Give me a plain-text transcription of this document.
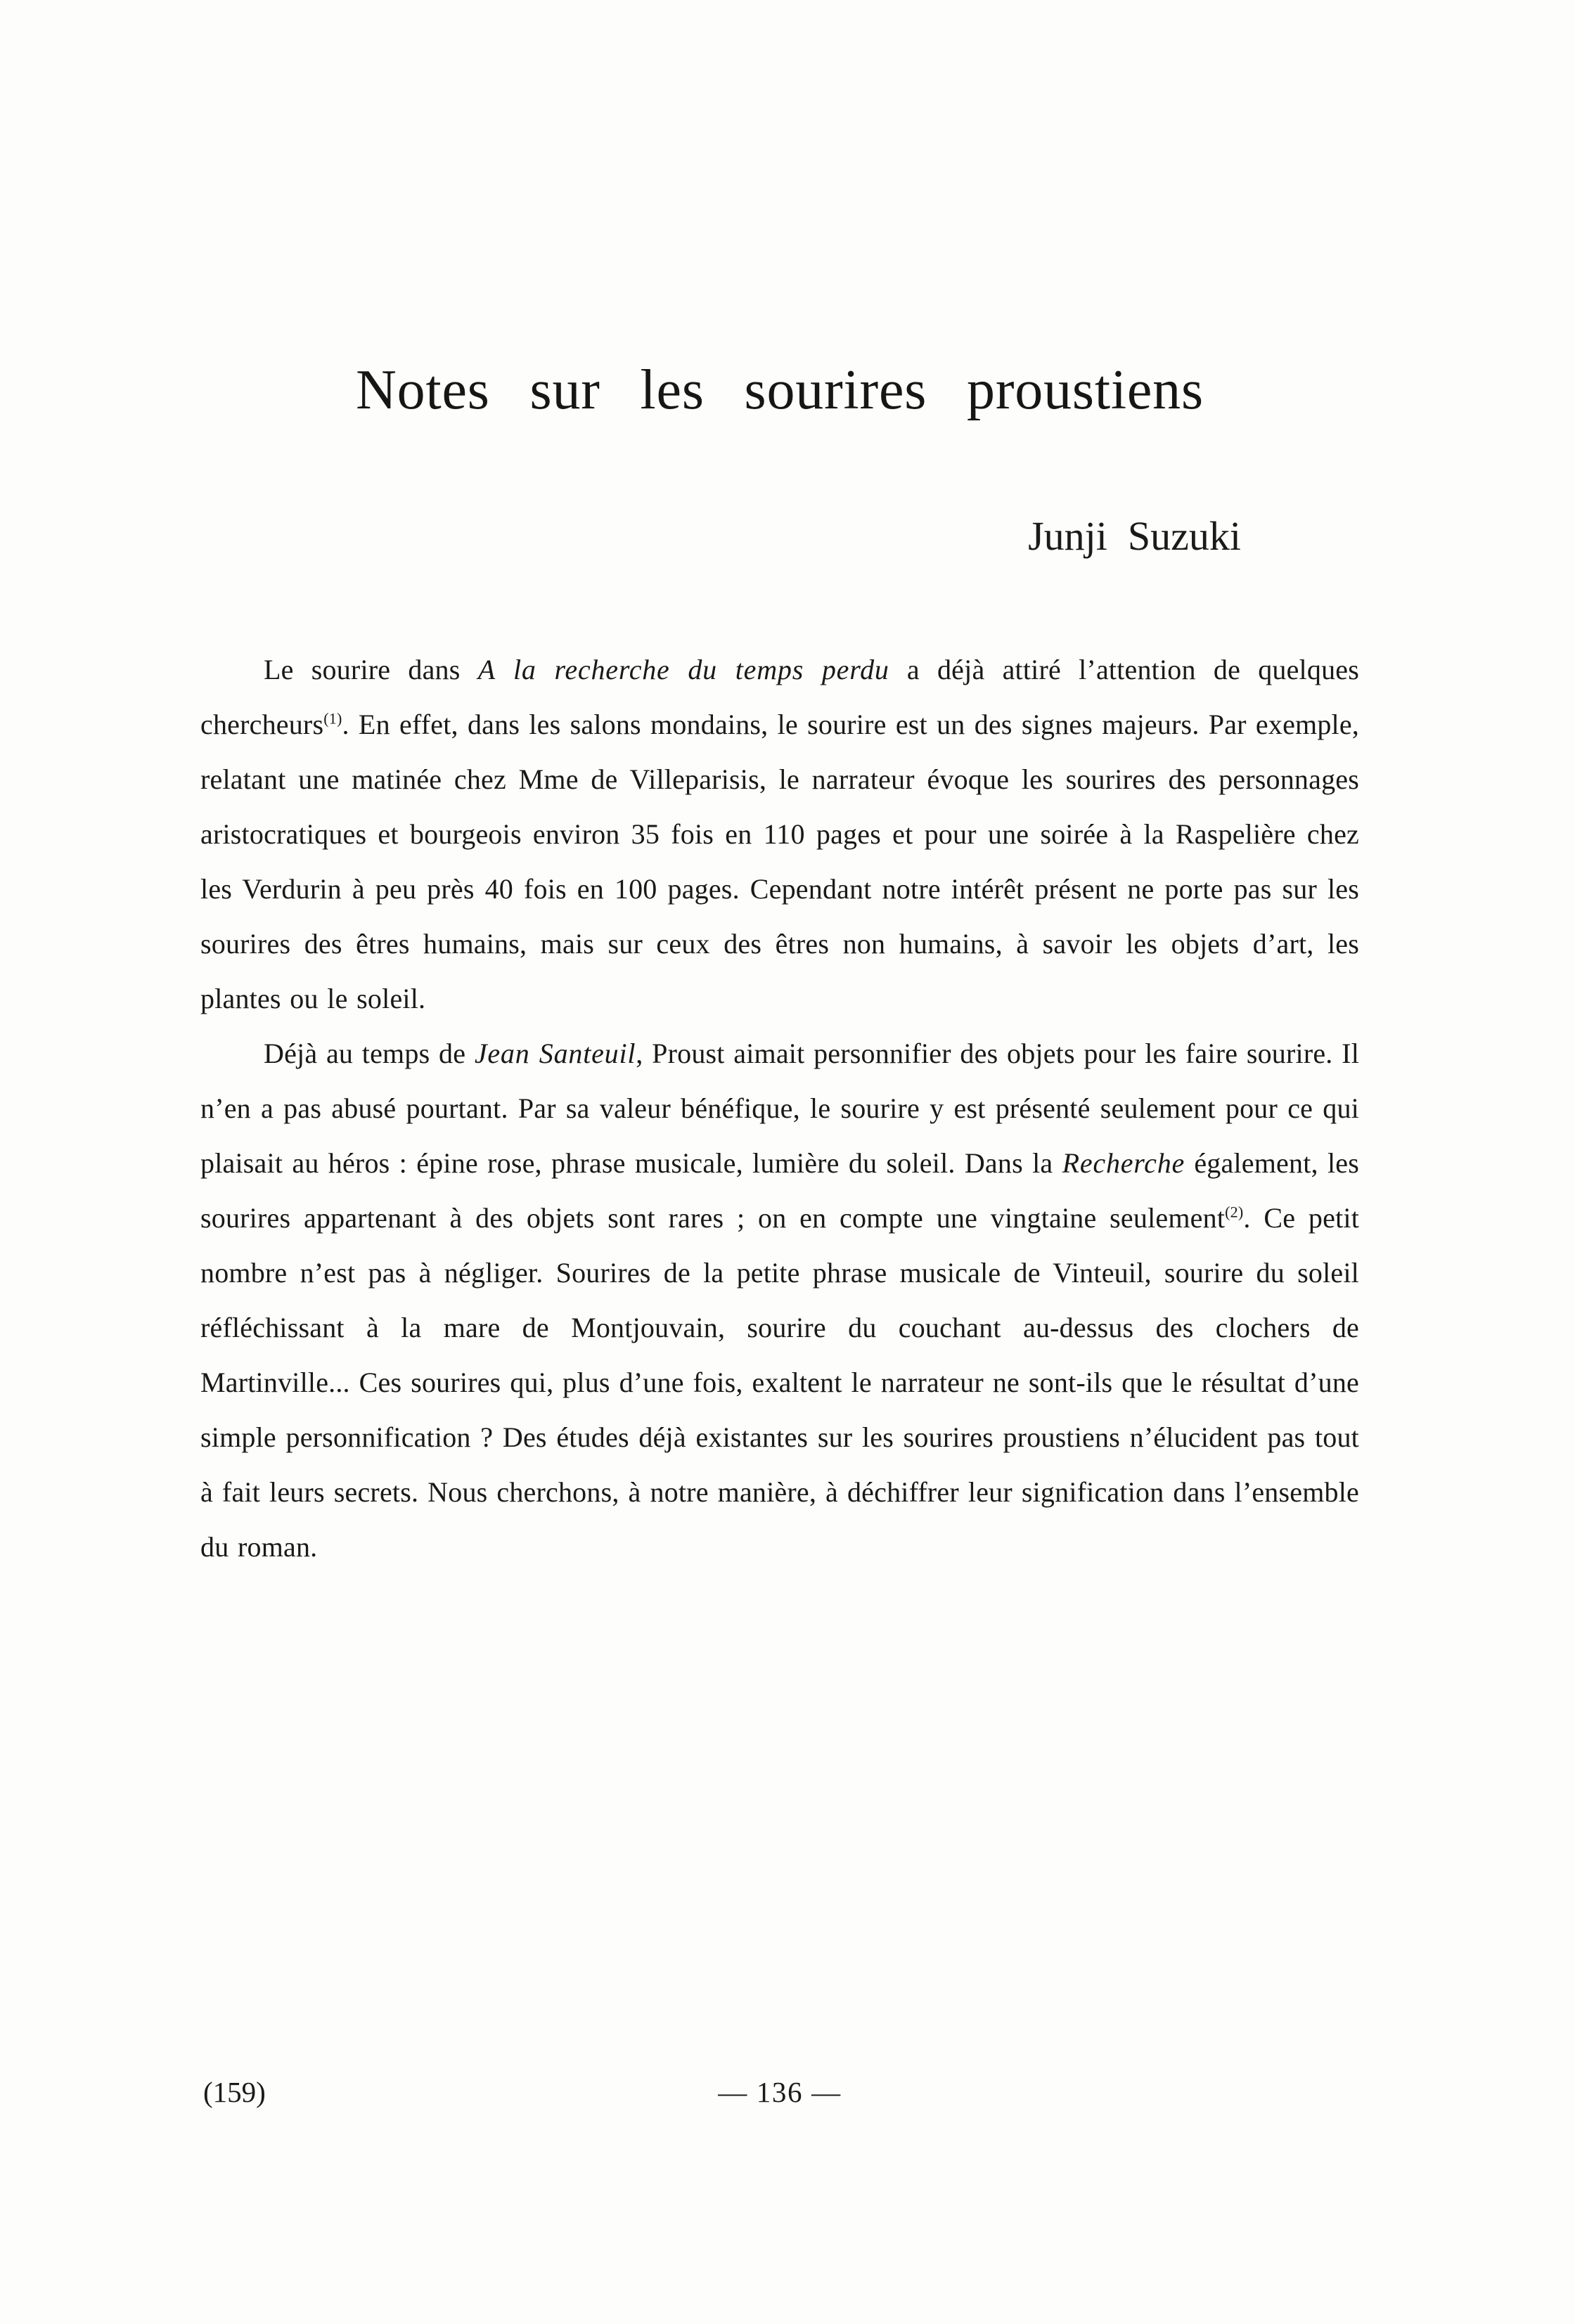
Notes sur les sourires proustiens
Junji Suzuki

Le sourire dans A la recherche du temps perdu a déjà attiré l’attention de quelques chercheurs$^{(1)}$. En effet, dans les salons mondains, le sourire est un des signes majeurs. Par exemple, relatant une matinée chez Mme de Villeparisis, le narrateur évoque les sourires des personnages aristocratiques et bourgeois environ 35 fois en 110 pages et pour une soirée à la Raspelière chez les Verdurin à peu près 40 fois en 100 pages. Cependant notre intérêt présent ne porte pas sur les sourires des êtres humains, mais sur ceux des êtres non humains, à savoir les objets d’art, les plantes ou le soleil.

Déjà au temps de Jean Santeuil, Proust aimait personnifier des objets pour les faire sourire. Il n’en a pas abusé pourtant. Par sa valeur bénéfique, le sourire y est présenté seulement pour ce qui plaisait au héros : épine rose, phrase musicale, lumière du soleil. Dans la Recherche également, les sourires appartenant à des objets sont rares ; on en compte une vingtaine seulement$^{(2)}$. Ce petit nombre n’est pas à négliger. Sourires de la petite phrase musicale de Vinteuil, sourire du soleil réfléchissant à la mare de Montjouvain, sourire du couchant au-dessus des clochers de Martinville... Ces sourires qui, plus d’une fois, exaltent le narrateur ne sont-ils que le résultat d’une simple personnification ? Des études déjà existantes sur les sourires proustiens n’élucident pas tout à fait leurs secrets. Nous cherchons, à notre manière, à déchiffrer leur signification dans l’ensemble du roman.

(159)	— 136 —
